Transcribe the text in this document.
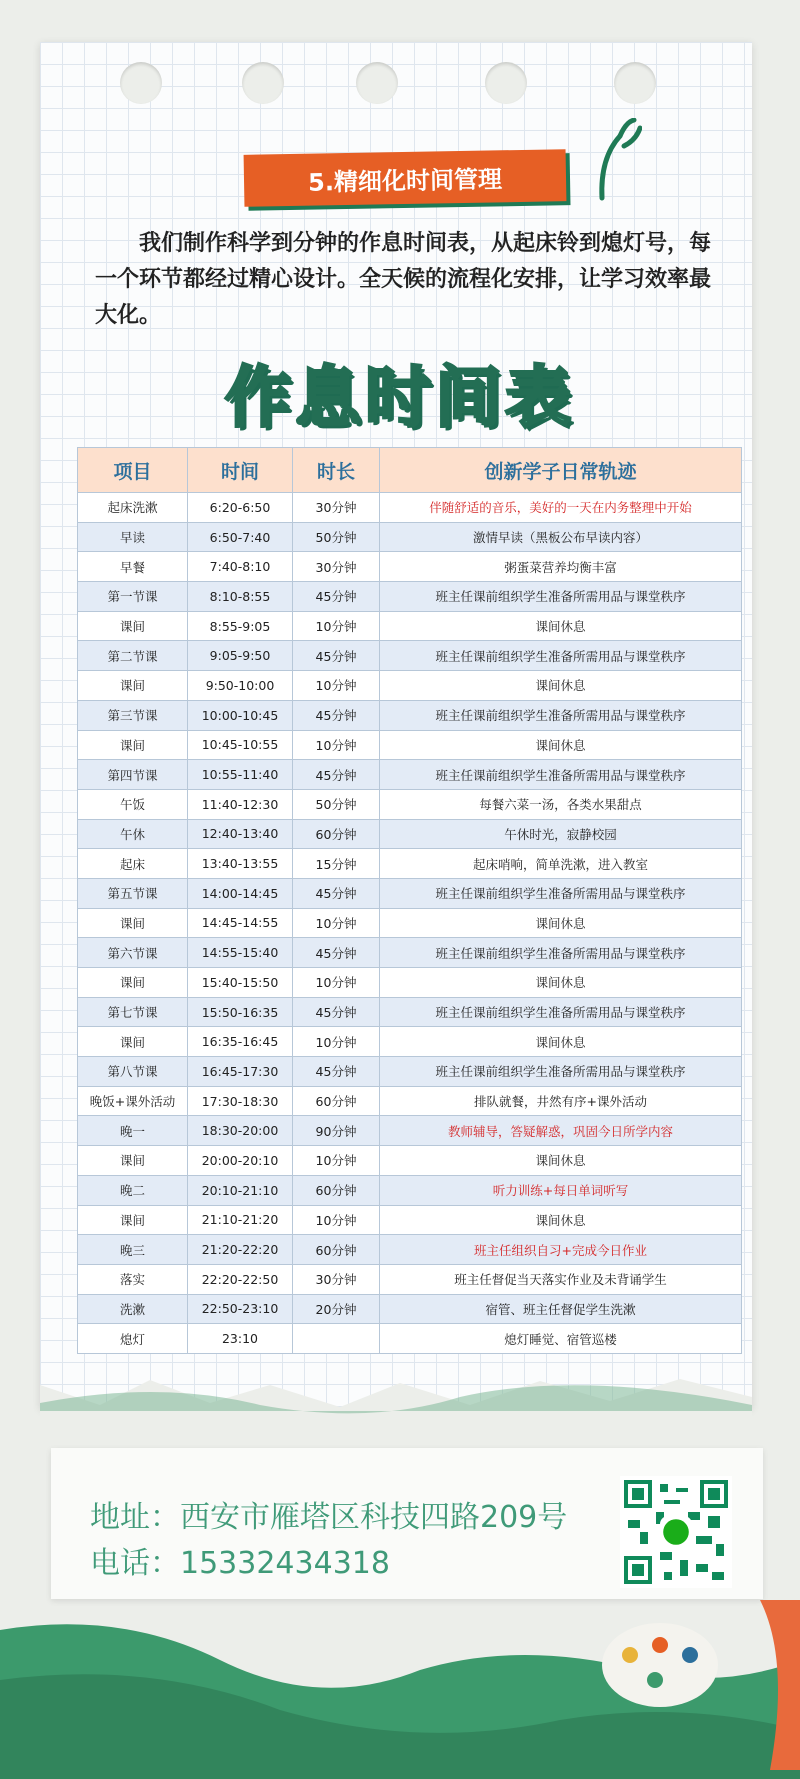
5.精细化时间管理
我们制作科学到分钟的作息时间表，从起床铃到熄灯号，每一个环节都经过精心设计。全天候的流程化安排，让学习效率最大化。
作息时间表
项目	时间	时长	创新学子日常轨迹
起床洗漱	6:20-6:50	30分钟	伴随舒适的音乐，美好的一天在内务整理中开始
早读	6:50-7:40	50分钟	激情早读（黑板公布早读内容）
早餐	7:40-8:10	30分钟	粥蛋菜营养均衡丰富
第一节课	8:10-8:55	45分钟	班主任课前组织学生准备所需用品与课堂秩序
课间	8:55-9:05	10分钟	课间休息
第二节课	9:05-9:50	45分钟	班主任课前组织学生准备所需用品与课堂秩序
课间	9:50-10:00	10分钟	课间休息
第三节课	10:00-10:45	45分钟	班主任课前组织学生准备所需用品与课堂秩序
课间	10:45-10:55	10分钟	课间休息
第四节课	10:55-11:40	45分钟	班主任课前组织学生准备所需用品与课堂秩序
午饭	11:40-12:30	50分钟	每餐六菜一汤，各类水果甜点
午休	12:40-13:40	60分钟	午休时光，寂静校园
起床	13:40-13:55	15分钟	起床哨响，简单洗漱，进入教室
第五节课	14:00-14:45	45分钟	班主任课前组织学生准备所需用品与课堂秩序
课间	14:45-14:55	10分钟	课间休息
第六节课	14:55-15:40	45分钟	班主任课前组织学生准备所需用品与课堂秩序
课间	15:40-15:50	10分钟	课间休息
第七节课	15:50-16:35	45分钟	班主任课前组织学生准备所需用品与课堂秩序
课间	16:35-16:45	10分钟	课间休息
第八节课	16:45-17:30	45分钟	班主任课前组织学生准备所需用品与课堂秩序
晚饭+课外活动	17:30-18:30	60分钟	排队就餐，井然有序+课外活动
晚一	18:30-20:00	90分钟	教师辅导，答疑解惑，巩固今日所学内容
课间	20:00-20:10	10分钟	课间休息
晚二	20:10-21:10	60分钟	听力训练+每日单词听写
课间	21:10-21:20	10分钟	课间休息
晚三	21:20-22:20	60分钟	班主任组织自习+完成今日作业
落实	22:20-22:50	30分钟	班主任督促当天落实作业及未背诵学生
洗漱	22:50-23:10	20分钟	宿管、班主任督促学生洗漱
熄灯	23:10		熄灯睡觉、宿管巡楼
地址：西安市雁塔区科技四路209号
电话：15332434318
